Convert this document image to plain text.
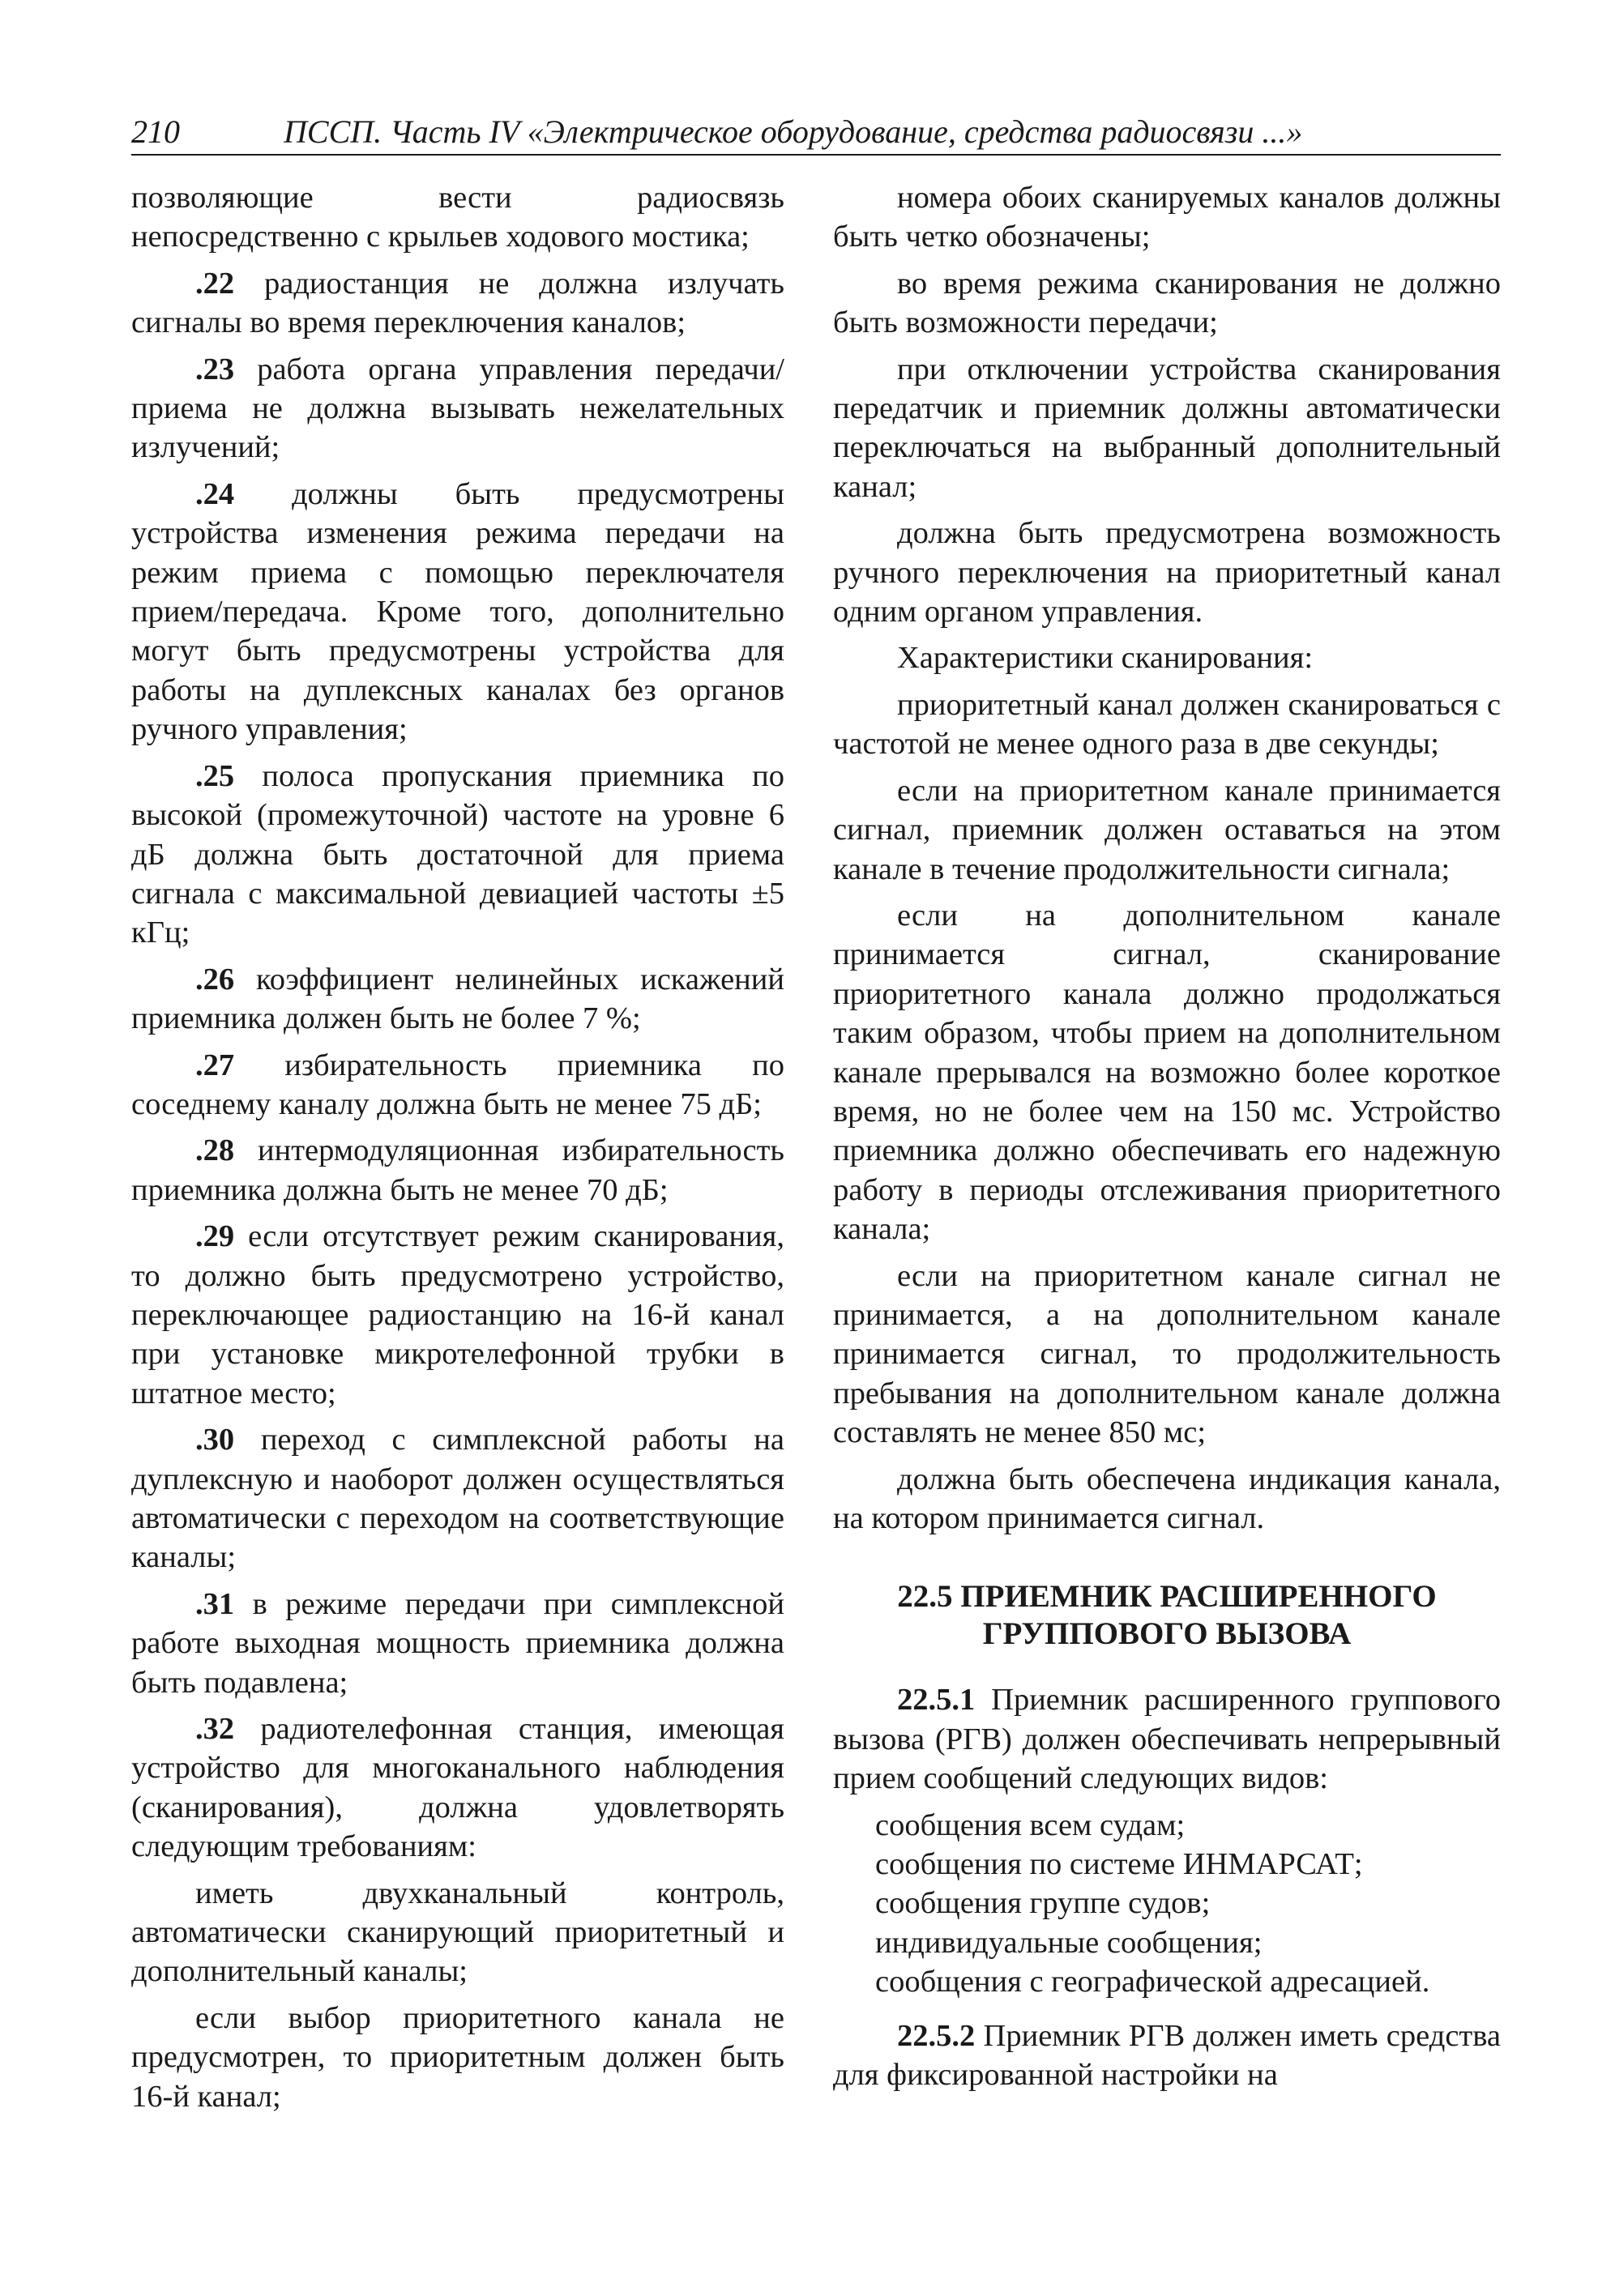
210	ПССП. Часть IV «Электрическое оборудование, средства радиосвязи ...»

позволяющие вести радиосвязь непосредственно с крыльев ходового мостика;

.22 радиостанция не должна излучать сигналы во время переключения каналов;

.23 работа органа управления передачи/приема не должна вызывать нежелательных излучений;

.24 должны быть предусмотрены устройства изменения режима передачи на режим приема с помощью переключателя прием/передача. Кроме того, дополнительно могут быть предусмотрены устройства для работы на дуплексных каналах без органов ручного управления;

.25 полоса пропускания приемника по высокой (промежуточной) частоте на уровне 6 дБ должна быть достаточной для приема сигнала с максимальной девиацией частоты ±5 кГц;

.26 коэффициент нелинейных искажений приемника должен быть не более 7 %;

.27 избирательность приемника по соседнему каналу должна быть не менее 75 дБ;

.28 интермодуляционная избирательность приемника должна быть не менее 70 дБ;

.29 если отсутствует режим сканирования, то должно быть предусмотрено устройство, переключающее радиостанцию на 16-й канал при установке микротелефонной трубки в штатное место;

.30 переход с симплексной работы на дуплексную и наоборот должен осуществляться автоматически с переходом на соответствующие каналы;

.31 в режиме передачи при симплексной работе выходная мощность приемника должна быть подавлена;

.32 радиотелефонная станция, имеющая устройство для многоканального наблюдения (сканирования), должна удовлетворять следующим требованиям:

иметь двухканальный контроль, автоматически сканирующий приоритетный и дополнительный каналы;

если выбор приоритетного канала не предусмотрен, то приоритетным должен быть 16-й канал;

номера обоих сканируемых каналов должны быть четко обозначены;

во время режима сканирования не должно быть возможности передачи;

при отключении устройства сканирования передатчик и приемник должны автоматически переключаться на выбранный дополнительный канал;

должна быть предусмотрена возможность ручного переключения на приоритетный канал одним органом управления.

Характеристики сканирования:

приоритетный канал должен сканироваться с частотой не менее одного раза в две секунды;

если на приоритетном канале принимается сигнал, приемник должен оставаться на этом канале в течение продолжительности сигнала;

если на дополнительном канале принимается сигнал, сканирование приоритетного канала должно продолжаться таким образом, чтобы прием на дополнительном канале прерывался на возможно более короткое время, но не более чем на 150 мс. Устройство приемника должно обеспечивать его надежную работу в периоды отслеживания приоритетного канала;

если на приоритетном канале сигнал не принимается, а на дополнительном канале принимается сигнал, то продолжительность пребывания на дополнительном канале должна составлять не менее 850 мс;

должна быть обеспечена индикация канала, на котором принимается сигнал.

22.5 ПРИЕМНИК РАСШИРЕННОГО
ГРУППОВОГО ВЫЗОВА

22.5.1 Приемник расширенного группового вызова (РГВ) должен обеспечивать непрерывный прием сообщений следующих видов:

сообщения всем судам;
сообщения по системе ИНМАРСАТ;
сообщения группе судов;
индивидуальные сообщения;
сообщения с географической адресацией.

22.5.2 Приемник РГВ должен иметь средства для фиксированной настройки на
